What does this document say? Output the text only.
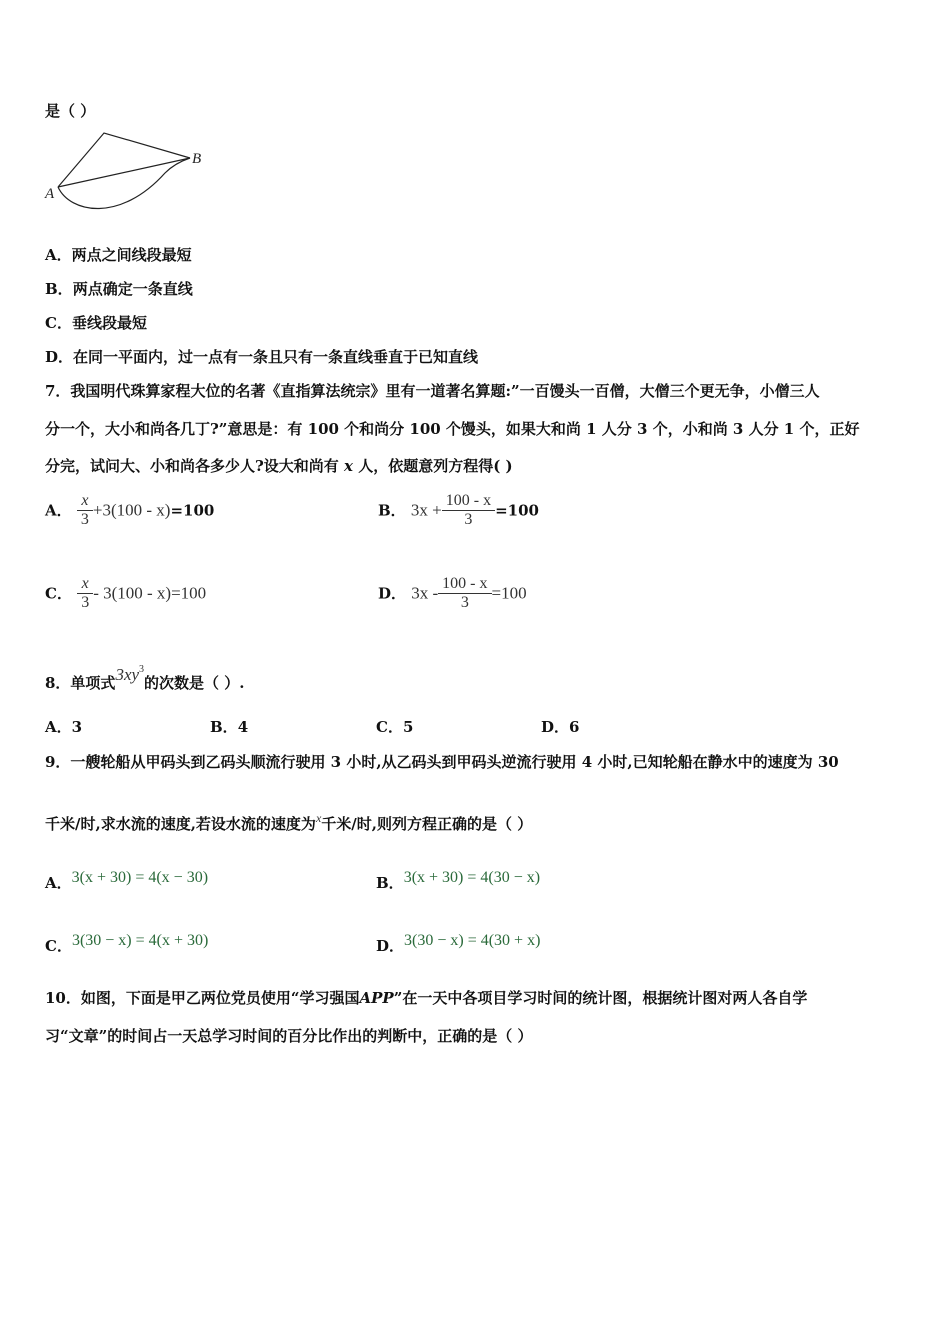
是（ ）
A
B
A．两点之间线段最短
B．两点确定一条直线
C．垂线段最短
D．在同一平面内，过一点有一条且只有一条直线垂直于已知直线
7．我国明代珠算家程大位的名著《直指算法统宗》里有一道著名算题:”一百馒头一百僧，大僧三个更无争，小僧三人
分一个，大小和尚各几丁?”意思是：有 100 个和尚分 100 个馒头，如果大和尚 1 人分 3 个，小和尚 3 人分 1 个，正好
分完，试问大、小和尚各多少人?设大和尚有 x 人，依题意列方程得( )
A． $\frac{x}{3} +3(100 - x)=100$	B． $3x + \frac{100 - x}{3} =100$
C． $\frac{x}{3} - 3(100 - x)=100$	D． $3x - \frac{100 - x}{3} =100$
8．单项式$3xy^3$的次数是（ ）.
A．3	B．4	C．5	D．6
9．一艘轮船从甲码头到乙码头顺流行驶用 3 小时,从乙码头到甲码头逆流行驶用 4 小时,已知轮船在静水中的速度为 30
千米/时,求水流的速度,若设水流的速度为$^x$千米/时,则列方程正确的是（ ）
A．3(x + 30) = 4(x − 30)	B．3(x + 30) = 4(30 − x)
C．3(30 − x) = 4(x + 30)	D．3(30 − x) = 4(30 + x)
10．如图，下面是甲乙两位党员使用“学习强国APP”在一天中各项目学习时间的统计图，根据统计图对两人各自学
习“文章”的时间占一天总学习时间的百分比作出的判断中，正确的是（ ）
